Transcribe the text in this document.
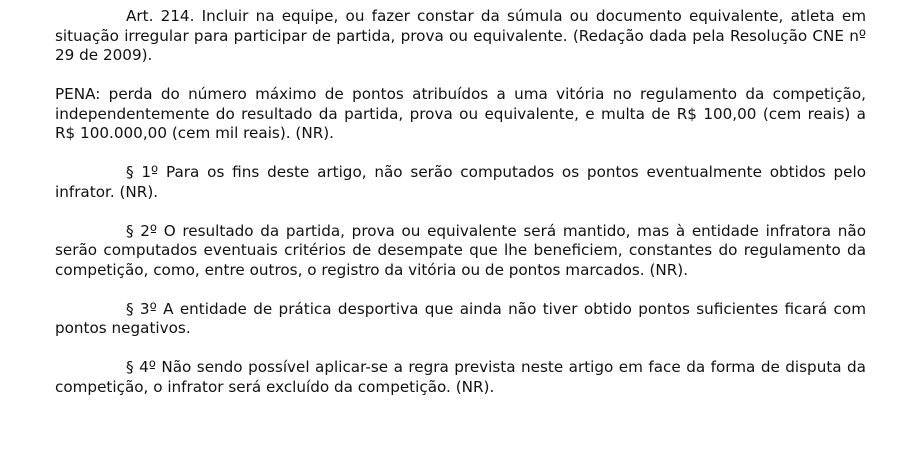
Art. 214. Incluir na equipe, ou fazer constar da súmula ou documento equivalente, atleta em situação irregular para participar de partida, prova ou equivalente. (Redação dada pela Resolução CNE nº 29 de 2009).

PENA: perda do número máximo de pontos atribuídos a uma vitória no regulamento da competição, independentemente do resultado da partida, prova ou equivalente, e multa de R$ 100,00 (cem reais) a R$ 100.000,00 (cem mil reais). (NR).

§ 1º Para os fins deste artigo, não serão computados os pontos eventualmente obtidos pelo infrator. (NR).

§ 2º O resultado da partida, prova ou equivalente será mantido, mas à entidade infratora não serão computados eventuais critérios de desempate que lhe beneficiem, constantes do regulamento da competição, como, entre outros, o registro da vitória ou de pontos marcados. (NR).

§ 3º A entidade de prática desportiva que ainda não tiver obtido pontos suficientes ficará com pontos negativos.

§ 4º Não sendo possível aplicar-se a regra prevista neste artigo em face da forma de disputa da competição, o infrator será excluído da competição. (NR).
